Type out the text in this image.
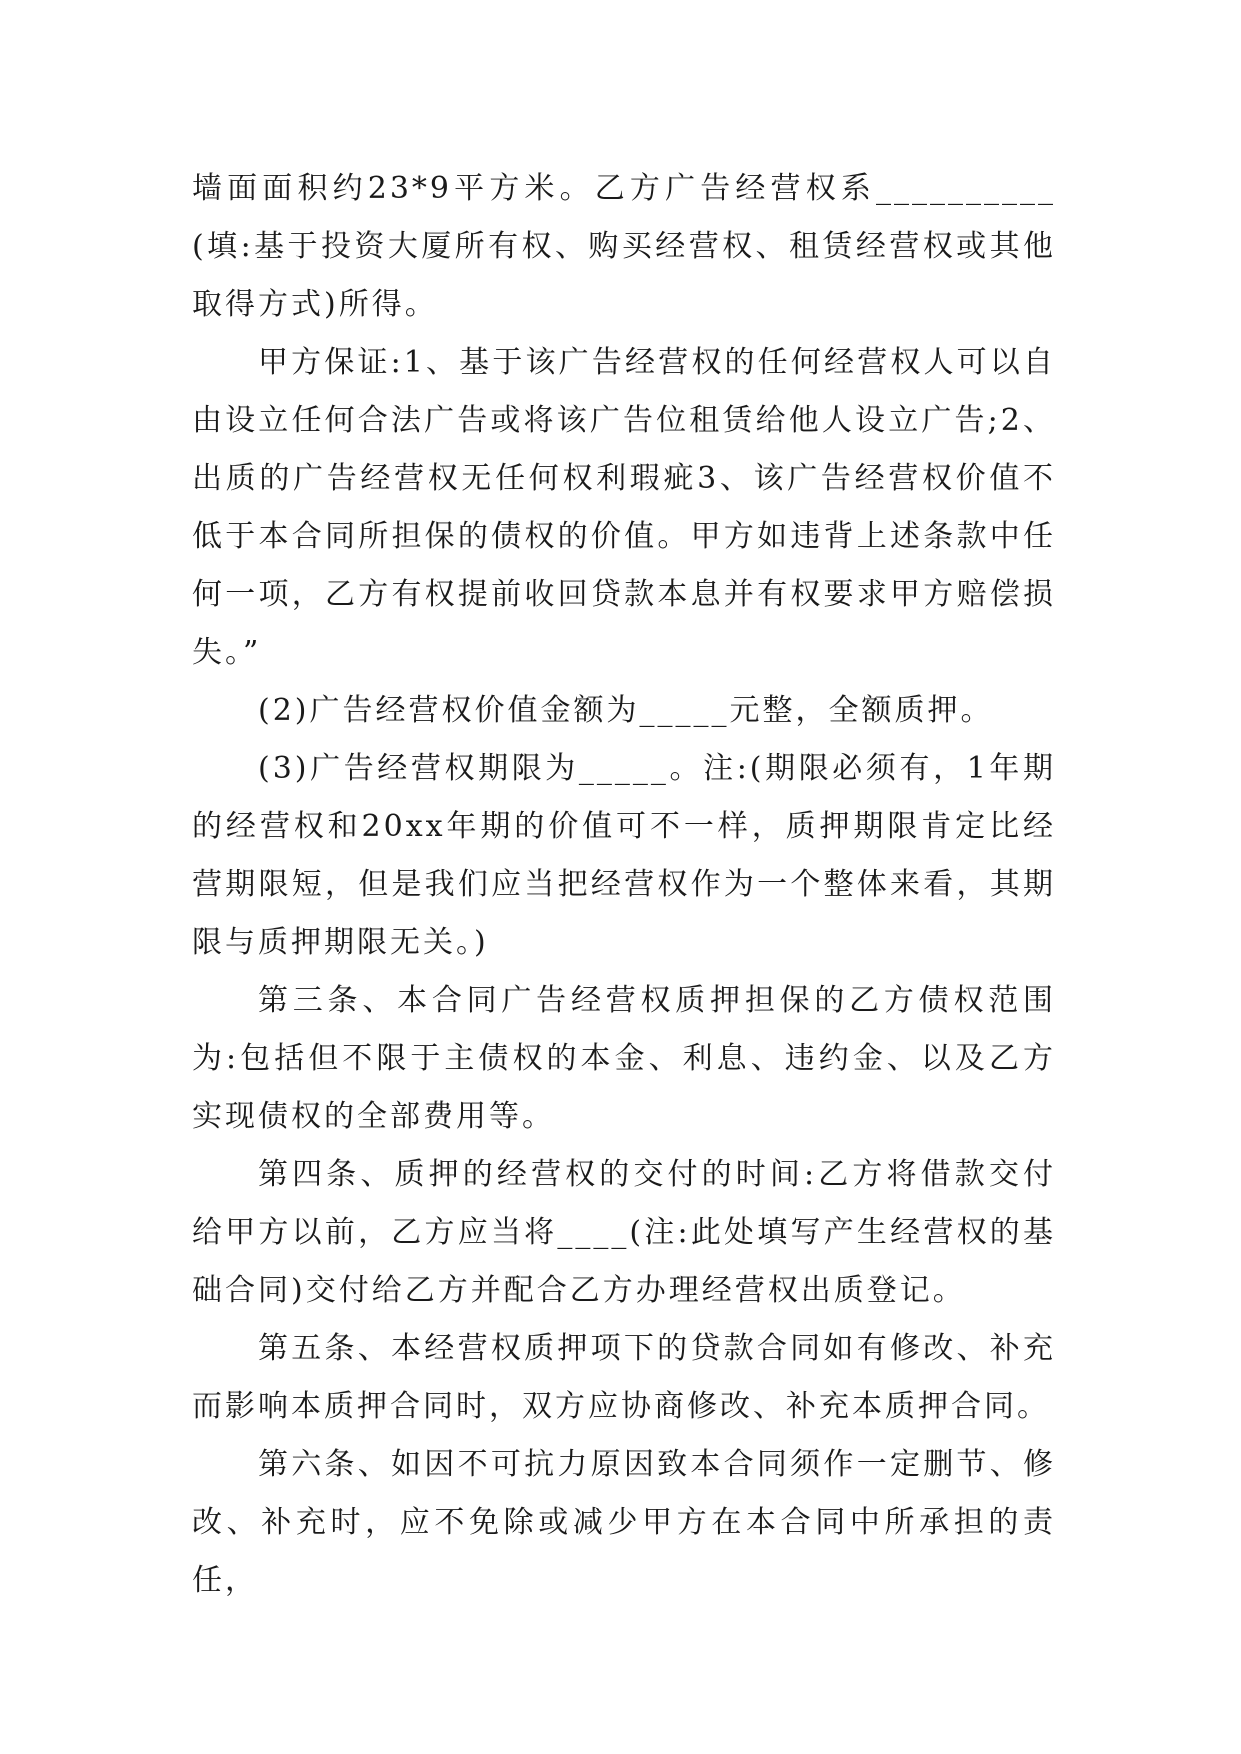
墙面面积约23*9平方米。乙方广告经营权系__________(填:基于投资大厦所有权、购买经营权、租赁经营权或其他取得方式)所得。

甲方保证:1、基于该广告经营权的任何经营权人可以自由设立任何合法广告或将该广告位租赁给他人设立广告;2、出质的广告经营权无任何权利瑕疵3、该广告经营权价值不低于本合同所担保的债权的价值。甲方如违背上述条款中任何一项，乙方有权提前收回贷款本息并有权要求甲方赔偿损失。”

(2)广告经营权价值金额为_____元整，全额质押。

(3)广告经营权期限为_____。注:(期限必须有，1年期的经营权和20xx年期的价值可不一样，质押期限肯定比经营期限短，但是我们应当把经营权作为一个整体来看，其期限与质押期限无关。)

第三条、本合同广告经营权质押担保的乙方债权范围为:包括但不限于主债权的本金、利息、违约金、以及乙方实现债权的全部费用等。

第四条、质押的经营权的交付的时间:乙方将借款交付给甲方以前，乙方应当将____(注:此处填写产生经营权的基础合同)交付给乙方并配合乙方办理经营权出质登记。

第五条、本经营权质押项下的贷款合同如有修改、补充而影响本质押合同时，双方应协商修改、补充本质押合同。

第六条、如因不可抗力原因致本合同须作一定删节、修改、补充时，应不免除或减少甲方在本合同中所承担的责任，
